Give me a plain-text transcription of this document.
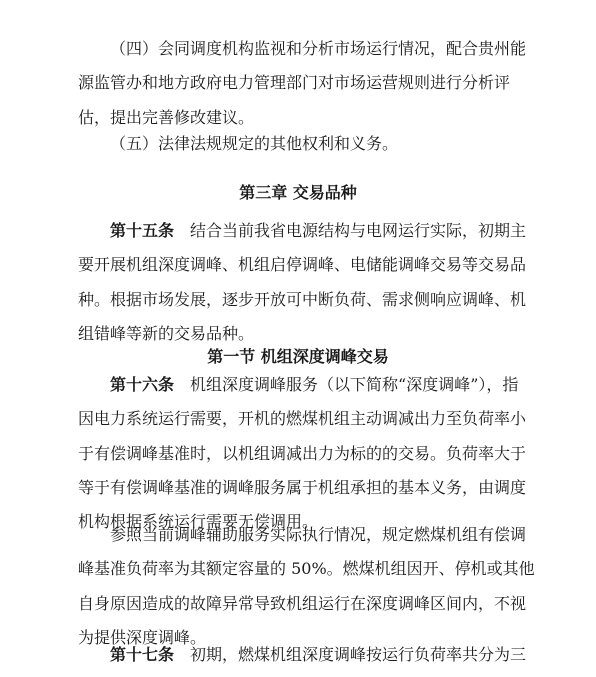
（四）会同调度机构监视和分析市场运行情况，配合贵州能
源监管办和地方政府电力管理部门对市场运营规则进行分析评
估，提出完善修改建议。
（五）法律法规规定的其他权利和义务。
第三章 交易品种
第十五条 结合当前我省电源结构与电网运行实际，初期主
要开展机组深度调峰、机组启停调峰、电储能调峰交易等交易品
种。根据市场发展，逐步开放可中断负荷、需求侧响应调峰、机
组错峰等新的交易品种。
第一节 机组深度调峰交易
第十六条 机组深度调峰服务（以下简称“深度调峰”），指
因电力系统运行需要，开机的燃煤机组主动调减出力至负荷率小
于有偿调峰基准时，以机组调减出力为标的的交易。负荷率大于
等于有偿调峰基准的调峰服务属于机组承担的基本义务，由调度
机构根据系统运行需要无偿调用。
参照当前调峰辅助服务实际执行情况，规定燃煤机组有偿调
峰基准负荷率为其额定容量的 50%。燃煤机组因开、停机或其他
自身原因造成的故障异常导致机组运行在深度调峰区间内，不视
为提供深度调峰。
第十七条 初期，燃煤机组深度调峰按运行负荷率共分为三
